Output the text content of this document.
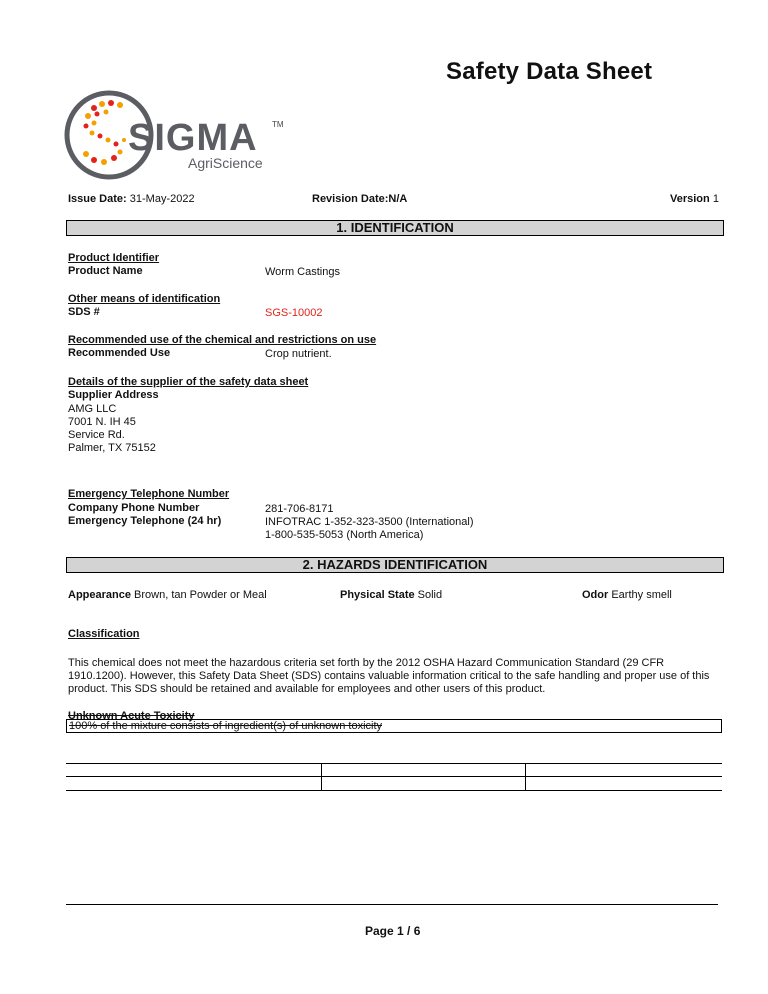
Safety Data Sheet
SIGMA TM
AgriScience
Issue Date: 31-May-2022	Revision Date:N/A	Version 1
1. IDENTIFICATION
Product Identifier
Product Name	Worm Castings
Other means of identification
SDS #	SGS-10002
Recommended use of the chemical and restrictions on use
Recommended Use	Crop nutrient.
Details of the supplier of the safety data sheet
Supplier Address
AMG LLC
7001 N. IH 45
Service Rd.
Palmer, TX 75152
Emergency Telephone Number
Company Phone Number	281-706-8171
Emergency Telephone (24 hr)	INFOTRAC 1-352-323-3500 (International)
1-800-535-5053 (North America)
2. HAZARDS IDENTIFICATION
Appearance Brown, tan Powder or Meal	Physical State Solid	Odor Earthy smell
Classification
This chemical does not meet the hazardous criteria set forth by the 2012 OSHA Hazard Communication Standard (29 CFR 1910.1200). However, this Safety Data Sheet (SDS) contains valuable information critical to the safe handling and proper use of this product. This SDS should be retained and available for employees and other users of this product.
Unknown Acute Toxicity
100% of the mixture consists of ingredient(s) of unknown toxicity
Page 1 / 6
